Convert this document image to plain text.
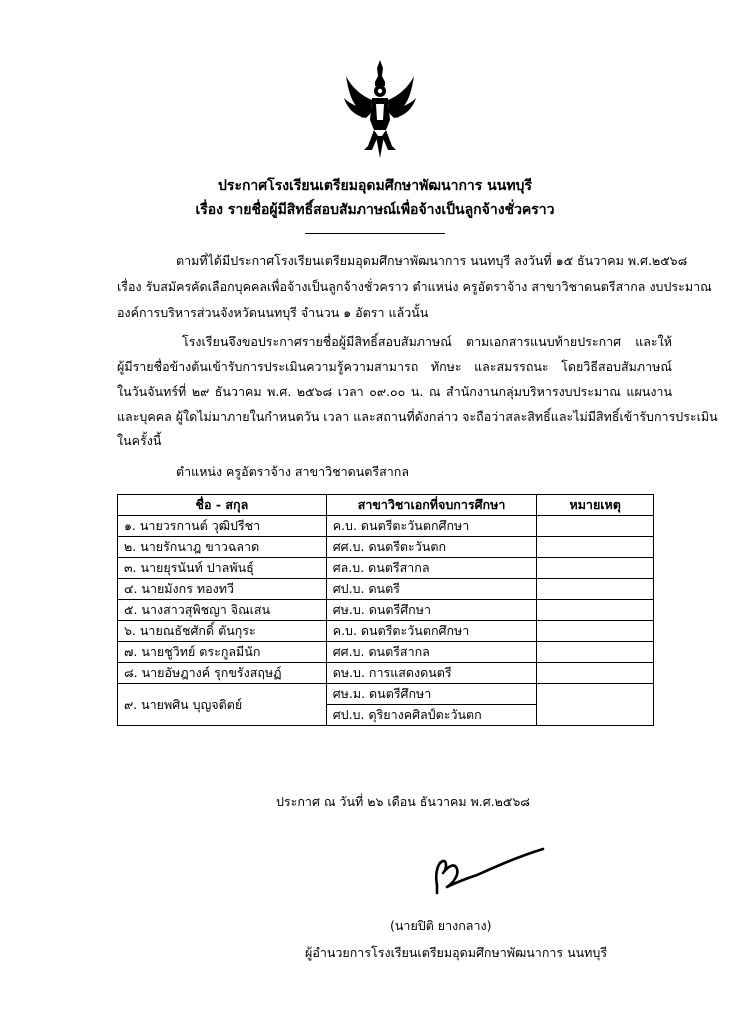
ประกาศโรงเรียนเตรียมอุดมศึกษาพัฒนาการ นนทบุรี
เรื่อง รายชื่อผู้มีสิทธิ์สอบสัมภาษณ์เพื่อจ้างเป็นลูกจ้างชั่วคราว
ตามที่ได้มีประกาศโรงเรียนเตรียมอุดมศึกษาพัฒนาการ นนทบุรี ลงวันที่ ๑๕ ธันวาคม พ.ศ.๒๕๖๘
เรื่อง รับสมัครคัดเลือกบุคคลเพื่อจ้างเป็นลูกจ้างชั่วคราว ตำแหน่ง ครูอัตราจ้าง สาขาวิชาดนตรีสากล งบประมาณ
องค์การบริหารส่วนจังหวัดนนทบุรี จำนวน ๑ อัตรา แล้วนั้น
โรงเรียนจึงขอประกาศรายชื่อผู้มีสิทธิ์สอบสัมภาษณ์ ตามเอกสารแนบท้ายประกาศ และให้
ผู้มีรายชื่อข้างต้นเข้ารับการประเมินความรู้ความสามารถ ทักษะ และสมรรถนะ โดยวิธีสอบสัมภาษณ์
ในวันจันทร์ที่ ๒๙ ธันวาคม พ.ศ. ๒๕๖๘ เวลา ๐๙.๐๐ น. ณ สำนักงานกลุ่มบริหารงบประมาณ แผนงาน
และบุคคล ผู้ใดไม่มาภายในกำหนดวัน เวลา และสถานที่ดังกล่าว จะถือว่าสละสิทธิ์และไม่มีสิทธิ์เข้ารับการประเมิน
ในครั้งนี้
ตำแหน่ง ครูอัตราจ้าง สาขาวิชาดนตรีสากล
ชื่อ - สกุล	สาขาวิชาเอกที่จบการศึกษา	หมายเหตุ
๑. นายวรกานต์ วุฒิปรีชา	ค.บ. ดนตรีตะวันตกศึกษา	
๒. นายรักนาฎ ขาวฉลาด	ศศ.บ. ดนตรีตะวันตก	
๓. นายยุรนันท์ ปาลพันธุ์	ศล.บ. ดนตรีสากล	
๔. นายมังกร ทองทวี	ศป.บ. ดนตรี	
๕. นางสาวสุพิชญา จิณเสน	ศษ.บ. ดนตรีศึกษา	
๖. นายณธัชศักดิ์ ตันกุระ	ค.บ. ดนตรีตะวันตกศึกษา	
๗. นายชูวิทย์ ตระกูลมีนัก	ศศ.บ. ดนตรีสากล	
๘. นายอัษฎางค์ รุกขรังสฤษฏ์	ดษ.บ. การแสดงดนตรี	
๙. นายพศิน บุญจติตย์	ศษ.ม. ดนตรีศึกษา	
	ศป.บ. ดุริยางคศิลป์ตะวันตก	
ประกาศ ณ วันที่ ๒๖ เดือน ธันวาคม พ.ศ.๒๕๖๘
(นายปิติ ยางกลาง)
ผู้อำนวยการโรงเรียนเตรียมอุดมศึกษาพัฒนาการ นนทบุรี
